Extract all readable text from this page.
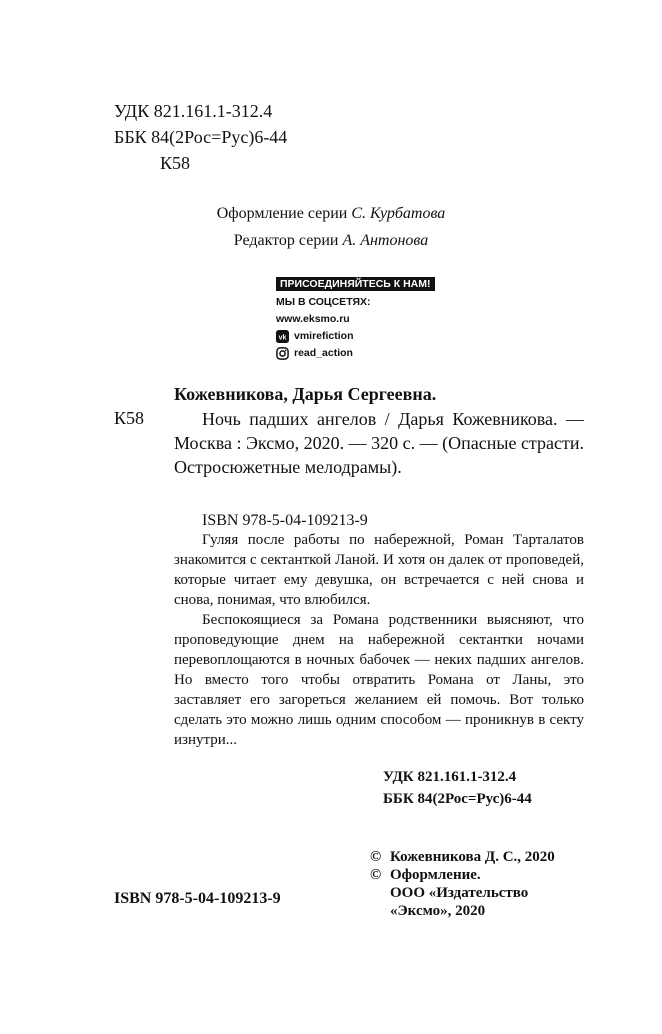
УДК 821.161.1-312.4
ББК 84(2Рос=Рус)6-44
К58
Оформление серии С. Курбатова
Редактор серии А. Антонова
ПРИСОЕДИНЯЙТЕСЬ К НАМ!
МЫ В СОЦСЕТЯХ:
www.eksmo.ru
vk vmirefiction
read_action
Кожевникова, Дарья Сергеевна.
К58	Ночь падших ангелов / Дарья Кожевникова. — Москва : Эксмо, 2020. — 320 с. — (Опасные страсти. Остросюжетные мелодрамы).
ISBN 978-5-04-109213-9

Гуляя после работы по набережной, Роман Тарталатов знакомится с сектанткой Ланой. И хотя он далек от проповедей, которые читает ему девушка, он встречается с ней снова и снова, понимая, что влюбился.

Беспокоящиеся за Романа родственники выясняют, что проповедующие днем на набережной сектантки ночами перевоплощаются в ночных бабочек — неких падших ангелов. Но вместо того чтобы отвратить Романа от Ланы, это заставляет его загореться желанием ей помочь. Вот только сделать это можно лишь одним способом — проникнув в секту изнутри...

УДК 821.161.1-312.4
ББК 84(2Рос=Рус)6-44
© Кожевникова Д. С., 2020
© Оформление.
ООО «Издательство
«Эксмо», 2020
ISBN 978-5-04-109213-9
